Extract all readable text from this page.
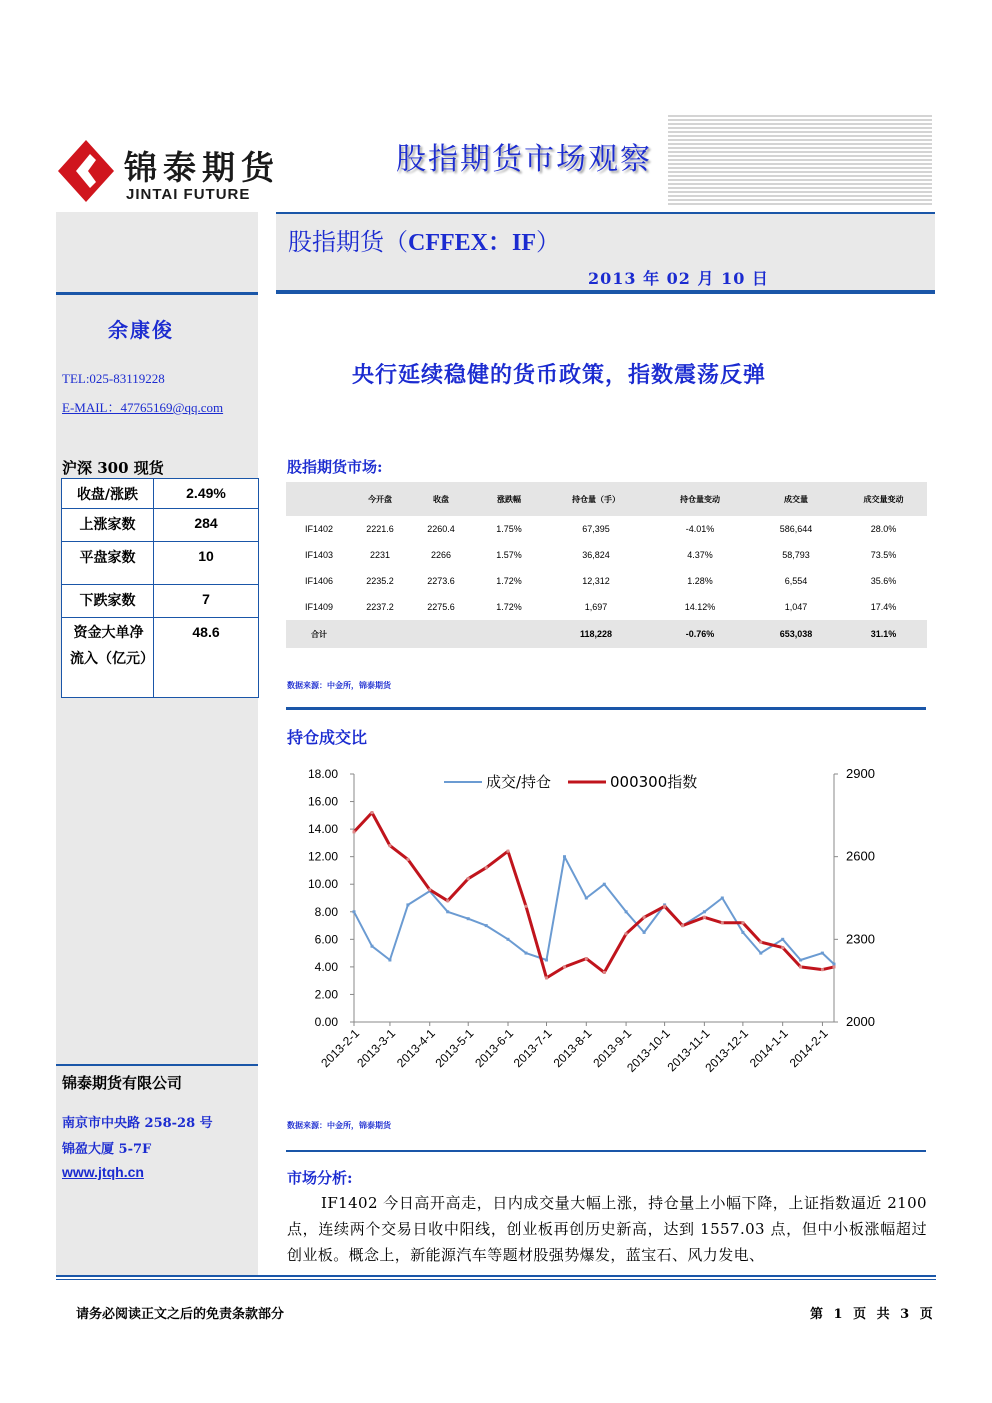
锦泰期货
JINTAI FUTURE
股指期货市场观察
余康俊
TEL:025-83119228
E-MAIL：47765169@qq.com
沪深 300 现货
收盘/涨跌	2.49%
上涨家数	284
平盘家数	10
下跌家数	7
资金大单净流入（亿元）	48.6
锦泰期货有限公司
南京市中央路 258-28 号
锦盈大厦 5-7F
www.jtqh.cn
股指期货（CFFEX：IF）
2013 年 02 月 10 日
央行延续稳健的货币政策，指数震荡反弹
股指期货市场:
	今开盘	收盘	涨跌幅	持仓量（手）	持仓量变动	成交量	成交量变动
IF1402	2221.6	2260.4	1.75%	67,395	-4.01%	586,644	28.0%
IF1403	2231	2266	1.57%	36,824	4.37%	58,793	73.5%
IF1406	2235.2	2273.6	1.72%	12,312	1.28%	6,554	35.6%
IF1409	2237.2	2275.6	1.72%	1,697	14.12%	1,047	17.4%
合计				118,228	-0.76%	653,038	31.1%
数据来源：中金所，锦泰期货
持仓成交比
0.00
2.00
4.00
6.00
8.00
10.00
12.00
14.00
16.00
18.00
2000
2300
2600
2900
2013-2-1
2013-3-1
2013-4-1
2013-5-1
2013-6-1
2013-7-1
2013-8-1
2013-9-1
2013-10-1
2013-11-1
2013-12-1
2014-1-1
2014-2-1
成交/持仓	000300指数
数据来源：中金所，锦泰期货
市场分析:
IF1402 今日高开高走，日内成交量大幅上涨，持仓量上小幅下降，上证指数逼近 2100 点，连续两个交易日收中阳线，创业板再创历史新高，达到 1557.03 点，但中小板涨幅超过创业板。概念上，新能源汽车等题材股强势爆发，蓝宝石、风力发电、
请务必阅读正文之后的免责条款部分	第 1 页 共 3 页
